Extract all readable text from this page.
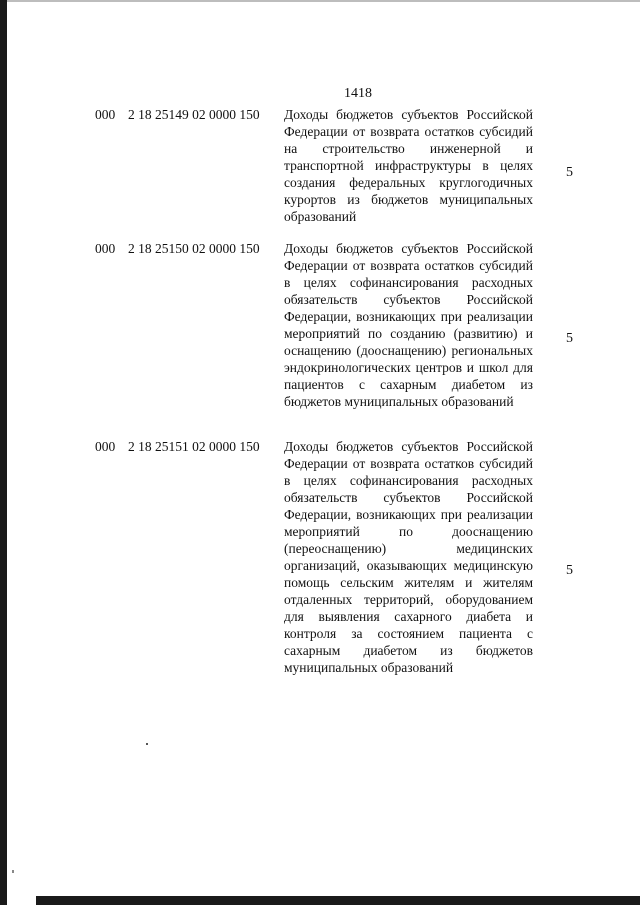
1418
000 2 18 25149 02 0000 150 Доходы бюджетов субъектов Российской Федерации от возврата остатков субсидий на строительство инженерной и транспортной инфраструктуры в целях создания федеральных круглогодичных курортов из бюджетов муниципальных образований
5
000 2 18 25150 02 0000 150 Доходы бюджетов субъектов Российской Федерации от возврата остатков субсидий в целях софинансирования расходных обязательств субъектов Российской Федерации, возникающих при реализации мероприятий по созданию (развитию) и оснащению (дооснащению) региональных эндокринологических центров и школ для пациентов с сахарным диабетом из бюджетов муниципальных образований
5
000 2 18 25151 02 0000 150 Доходы бюджетов субъектов Российской Федерации от возврата остатков субсидий в целях софинансирования расходных обязательств субъектов Российской Федерации, возникающих при реализации мероприятий по дооснащению (переоснащению) медицинских организаций, оказывающих медицинскую помощь сельским жителям и жителям отдаленных территорий, оборудованием для выявления сахарного диабета и контроля за состоянием пациента с сахарным диабетом из бюджетов муниципальных образований
5
